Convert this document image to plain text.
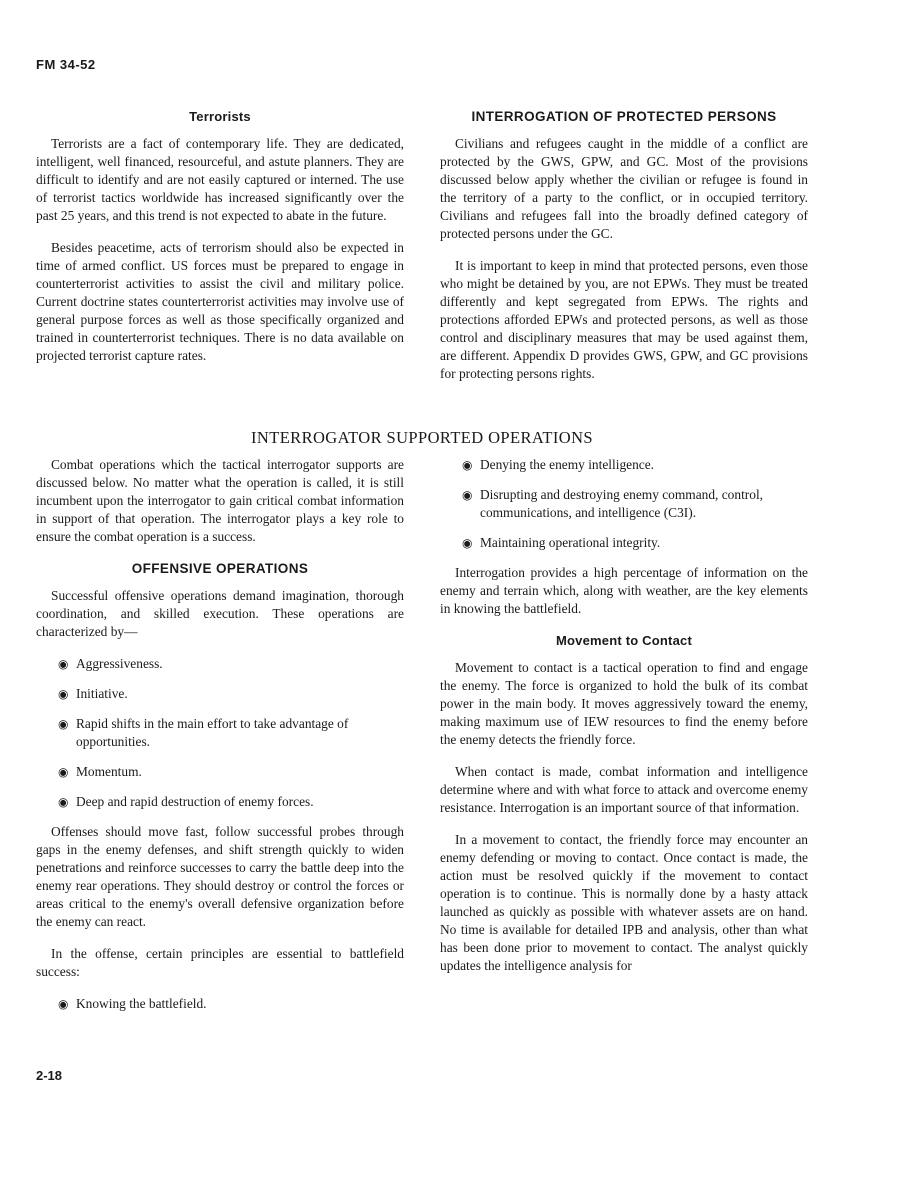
FM 34-52
Terrorists

Terrorists are a fact of contemporary life. They are dedicated, intelligent, well financed, resourceful, and astute planners. They are difficult to identify and are not easily captured or interned. The use of terrorist tactics worldwide has increased significantly over the past 25 years, and this trend is not expected to abate in the future.

Besides peacetime, acts of terrorism should also be expected in time of armed conflict. US forces must be prepared to engage in counterterrorist activities to assist the civil and military police. Current doctrine states counterterrorist activities may involve use of general purpose forces as well as those specifically organized and trained in counterterrorist techniques. There is no data available on projected terrorist capture rates.

INTERROGATION OF PROTECTED PERSONS

Civilians and refugees caught in the middle of a conflict are protected by the GWS, GPW, and GC. Most of the provisions discussed below apply whether the civilian or refugee is found in the territory of a party to the conflict, or in occupied territory. Civilians and refugees fall into the broadly defined category of protected persons under the GC.

It is important to keep in mind that protected persons, even those who might be detained by you, are not EPWs. They must be treated differently and kept segregated from EPWs. The rights and protections afforded EPWs and protected persons, as well as those control and disciplinary measures that may be used against them, are different. Appendix D provides GWS, GPW, and GC provisions for protecting persons rights.

INTERROGATOR SUPPORTED OPERATIONS

Combat operations which the tactical interrogator supports are discussed below. No matter what the operation is called, it is still incumbent upon the interrogator to gain critical combat information in support of that operation. The interrogator plays a key role to ensure the combat operation is a success.

OFFENSIVE OPERATIONS

Successful offensive operations demand imagination, thorough coordination, and skilled execution. These operations are characterized by—

◉ Aggressiveness.
◉ Initiative.
◉ Rapid shifts in the main effort to take advantage of opportunities.
◉ Momentum.
◉ Deep and rapid destruction of enemy forces.

Offenses should move fast, follow successful probes through gaps in the enemy defenses, and shift strength quickly to widen penetrations and reinforce successes to carry the battle deep into the enemy rear operations. They should destroy or control the forces or areas critical to the enemy's overall defensive organization before the enemy can react.

In the offense, certain principles are essential to battlefield success:

◉ Knowing the battlefield.
◉ Denying the enemy intelligence.
◉ Disrupting and destroying enemy command, control, communications, and intelligence (C3I).
◉ Maintaining operational integrity.

Interrogation provides a high percentage of information on the enemy and terrain which, along with weather, are the key elements in knowing the battlefield.

Movement to Contact

Movement to contact is a tactical operation to find and engage the enemy. The force is organized to hold the bulk of its combat power in the main body. It moves aggressively toward the enemy, making maximum use of IEW resources to find the enemy before the enemy detects the friendly force.

When contact is made, combat information and intelligence determine where and with what force to attack and overcome enemy resistance. Interrogation is an important source of that information.

In a movement to contact, the friendly force may encounter an enemy defending or moving to contact. Once contact is made, the action must be resolved quickly if the movement to contact operation is to continue. This is normally done by a hasty attack launched as quickly as possible with whatever assets are on hand. No time is available for detailed IPB and analysis, other than what has been done prior to movement to contact. The analyst quickly updates the intelligence analysis for

2-18
